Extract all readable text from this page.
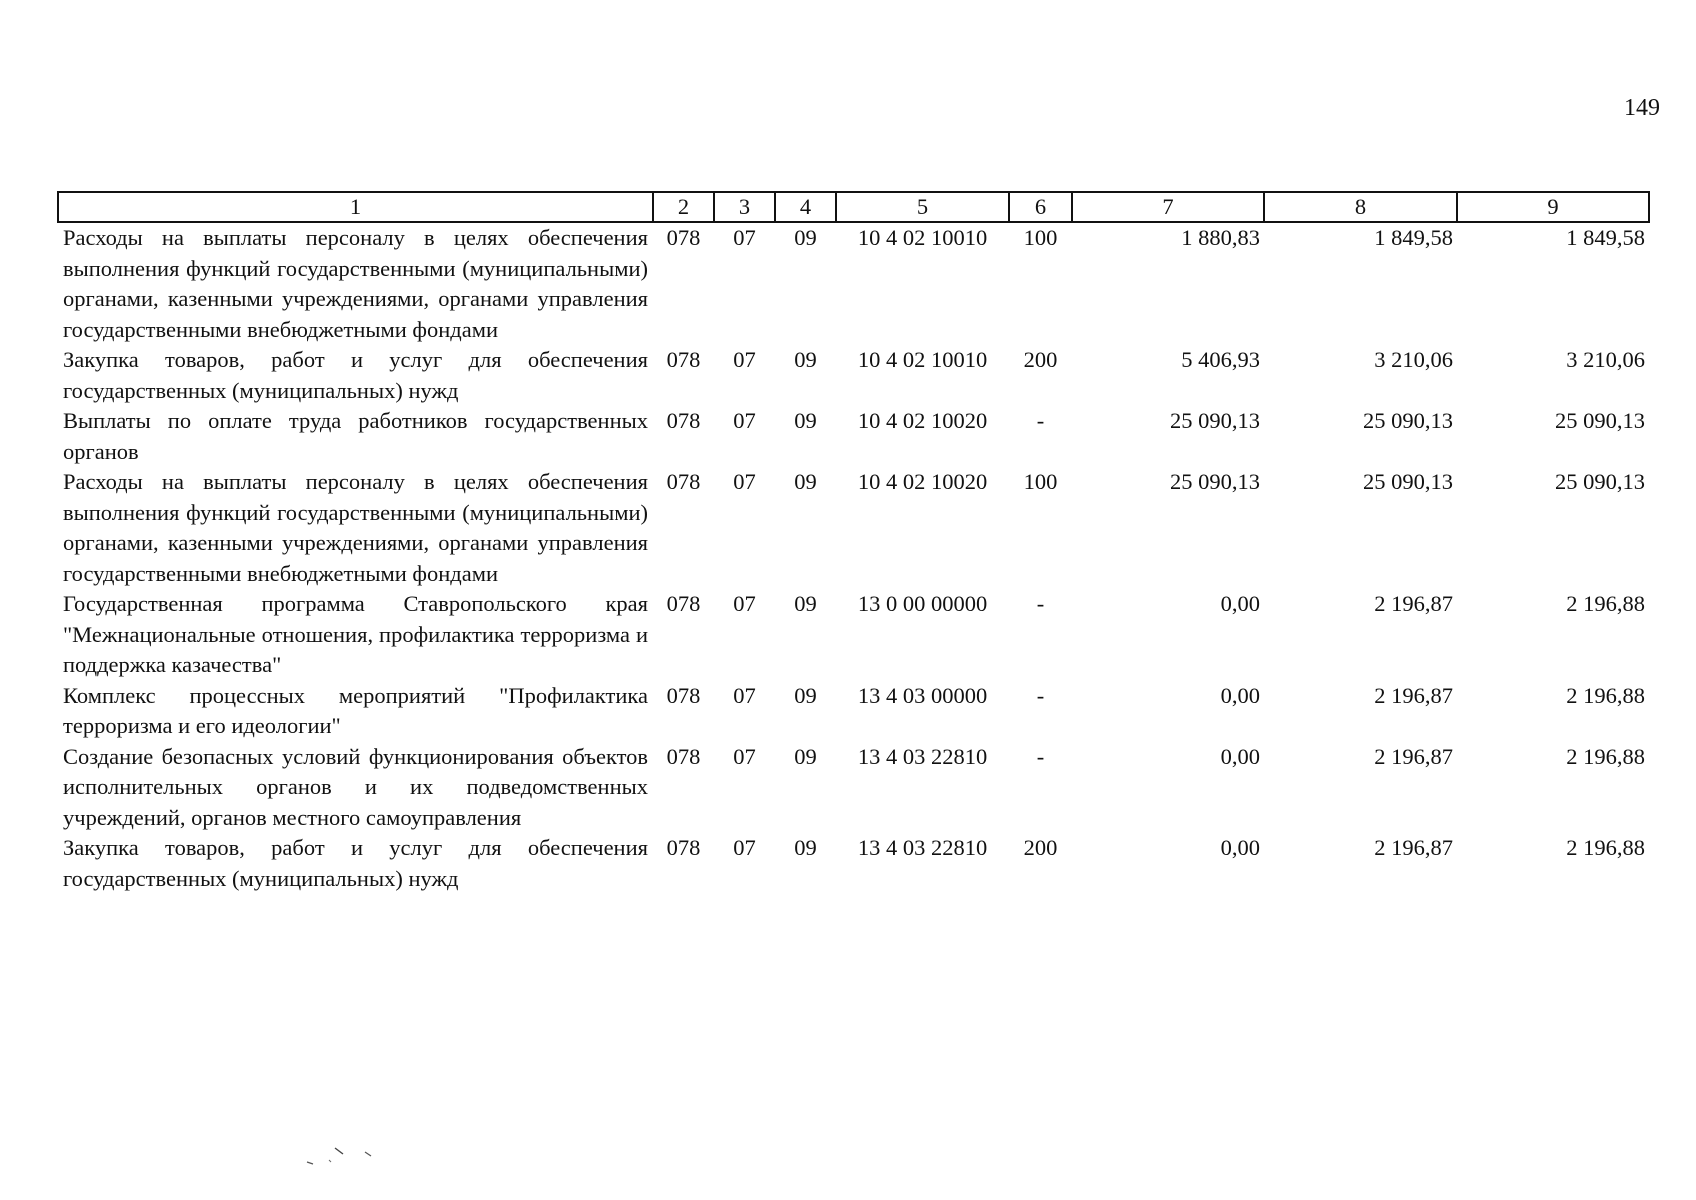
149
1	2	3	4	5	6	7	8	9
Расходы на выплаты персоналу в целях обеспечения выполнения функций государственными (муниципальными) органами, казенными учреждениями, органами управления государственными внебюджетными фондами	078	07	09	10 4 02 10010	100	1 880,83	1 849,58	1 849,58
Закупка товаров, работ и услуг для обеспечения государственных (муниципальных) нужд	078	07	09	10 4 02 10010	200	5 406,93	3 210,06	3 210,06
Выплаты по оплате труда работников государственных органов	078	07	09	10 4 02 10020	-	25 090,13	25 090,13	25 090,13
Расходы на выплаты персоналу в целях обеспечения выполнения функций государственными (муниципальными) органами, казенными учреждениями, органами управления государственными внебюджетными фондами	078	07	09	10 4 02 10020	100	25 090,13	25 090,13	25 090,13
Государственная программа Ставропольского края "Межнациональные отношения, профилактика терроризма и поддержка казачества"	078	07	09	13 0 00 00000	-	0,00	2 196,87	2 196,88
Комплекс процессных мероприятий "Профилактика терроризма и его идеологии"	078	07	09	13 4 03 00000	-	0,00	2 196,87	2 196,88
Создание безопасных условий функционирования объектов исполнительных органов и их подведомственных учреждений, органов местного самоуправления	078	07	09	13 4 03 22810	-	0,00	2 196,87	2 196,88
Закупка товаров, работ и услуг для обеспечения государственных (муниципальных) нужд	078	07	09	13 4 03 22810	200	0,00	2 196,87	2 196,88
